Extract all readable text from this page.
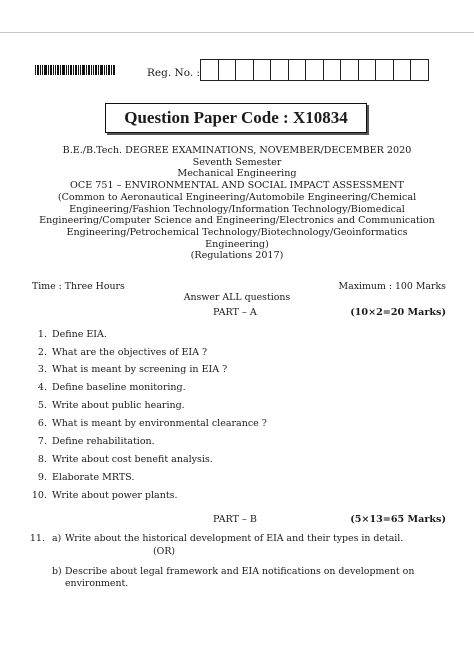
Reg. No. :
Question Paper Code : X10834
B.E./B.Tech. DEGREE EXAMINATIONS, NOVEMBER/DECEMBER 2020
Seventh Semester
Mechanical Engineering
OCE 751 – ENVIRONMENTAL AND SOCIAL IMPACT ASSESSMENT
(Common to Aeronautical Engineering/Automobile Engineering/Chemical
Engineering/Fashion Technology/Information Technology/Biomedical
Engineering/Computer Science and Engineering/Electronics and Communication
Engineering/Petrochemical Technology/Biotechnology/Geoinformatics
Engineering)
(Regulations 2017)
Time : Three Hours	Maximum : 100 Marks
Answer ALL questions
PART – A	(10×2=20 Marks)
1. Define EIA.
2. What are the objectives of EIA ?
3. What is meant by screening in EIA ?
4. Define baseline monitoring.
5. Write about public hearing.
6. What is meant by environmental clearance ?
7. Define rehabilitation.
8. Write about cost benefit analysis.
9. Elaborate MRTS.
10. Write about power plants.
PART – B	(5×13=65 Marks)
11. a) Write about the historical development of EIA and their types in detail.
(OR)
b) Describe about legal framework and EIA notifications on development on
environment.
